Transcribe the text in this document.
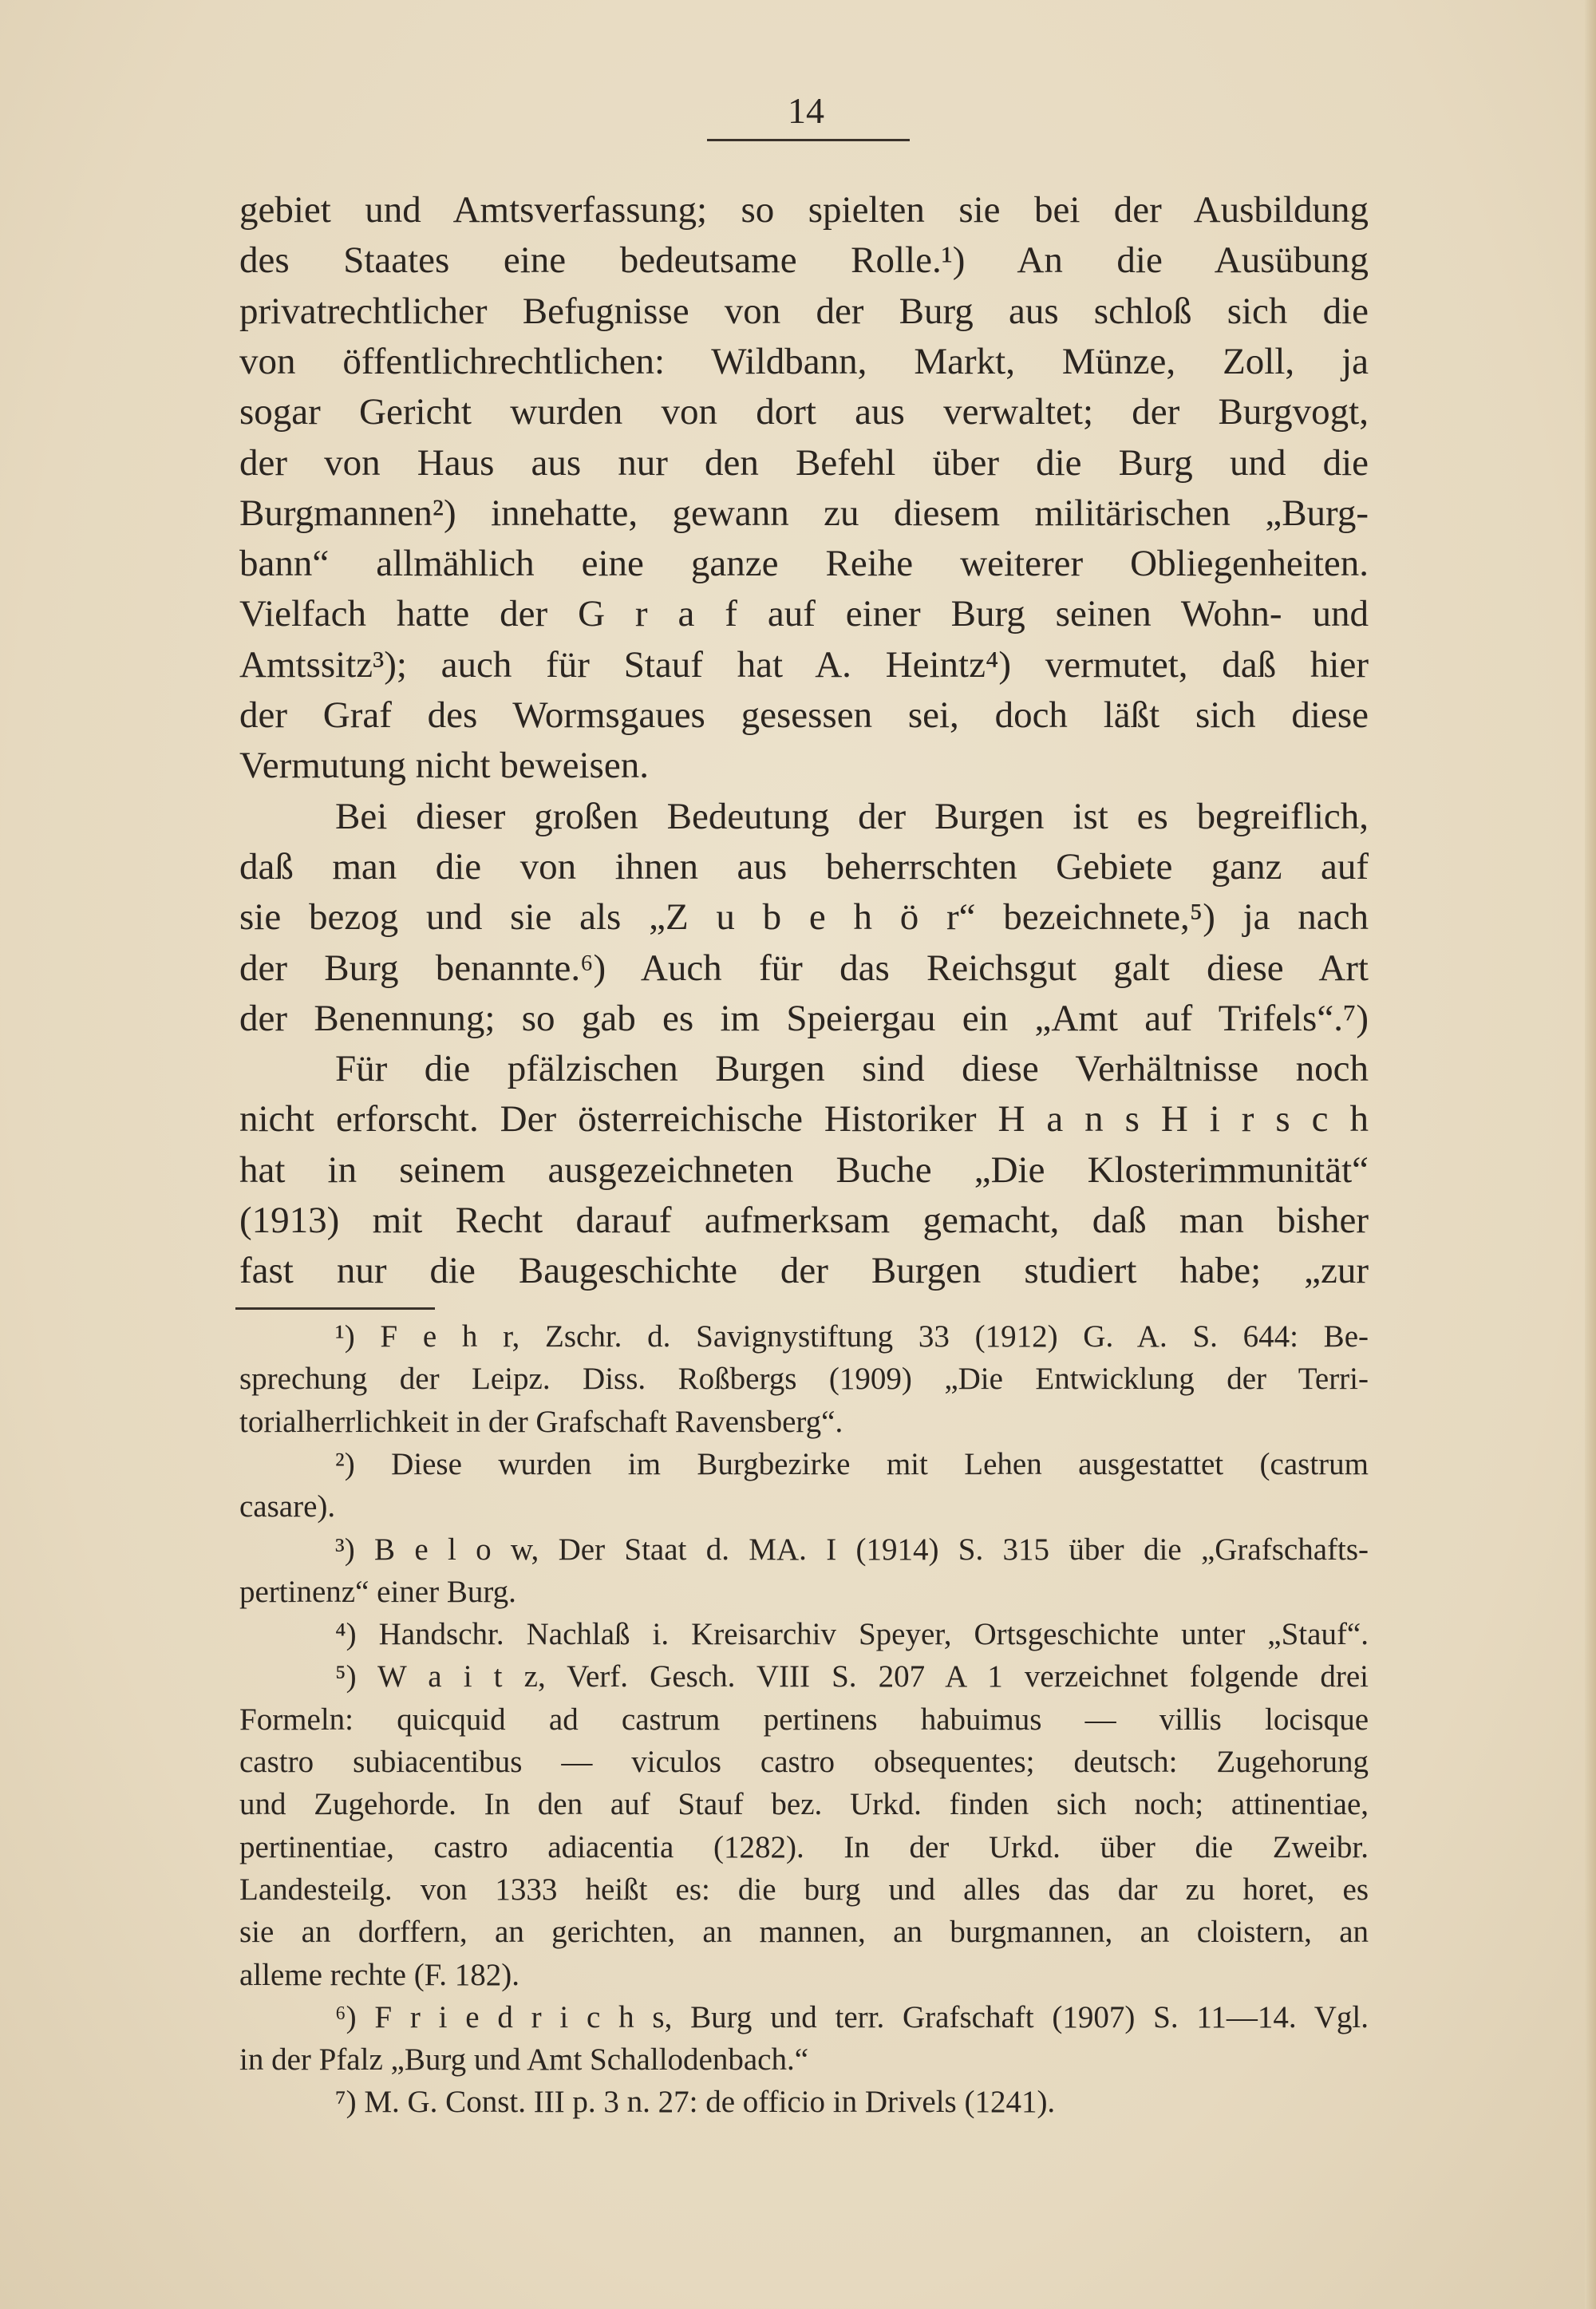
14
gebiet und Amtsverfassung; so spielten sie bei der Ausbildung
des Staates eine bedeutsame Rolle.¹) An die Ausübung
privatrechtlicher Befugnisse von der Burg aus schloß sich die
von öffentlichrechtlichen: Wildbann, Markt, Münze, Zoll, ja
sogar Gericht wurden von dort aus verwaltet; der Burgvogt,
der von Haus aus nur den Befehl über die Burg und die
Burgmannen²) innehatte, gewann zu diesem militärischen „Burg-
bann“ allmählich eine ganze Reihe weiterer Obliegenheiten.
Vielfach hatte der G r a f auf einer Burg seinen Wohn- und
Amtssitz³); auch für Stauf hat A. Heintz⁴) vermutet, daß hier
der Graf des Wormsgaues gesessen sei, doch läßt sich diese
Vermutung nicht beweisen.
Bei dieser großen Bedeutung der Burgen ist es begreiflich,
daß man die von ihnen aus beherrschten Gebiete ganz auf
sie bezog und sie als „Z u b e h ö r“ bezeichnete,⁵) ja nach
der Burg benannte.⁶) Auch für das Reichsgut galt diese Art
der Benennung; so gab es im Speiergau ein „Amt auf Trifels“.⁷)
Für die pfälzischen Burgen sind diese Verhältnisse noch
nicht erforscht. Der österreichische Historiker H a n s H i r s c h
hat in seinem ausgezeichneten Buche „Die Klosterimmunität“
(1913) mit Recht darauf aufmerksam gemacht, daß man bisher
fast nur die Baugeschichte der Burgen studiert habe; „zur
¹) F e h r, Zschr. d. Savignystiftung 33 (1912) G. A. S. 644: Be-
sprechung der Leipz. Diss. Roßbergs (1909) „Die Entwicklung der Terri-
torialherrlichkeit in der Grafschaft Ravensberg“.
²) Diese wurden im Burgbezirke mit Lehen ausgestattet (castrum
casare).
³) B e l o w, Der Staat d. MA. I (1914) S. 315 über die „Grafschafts-
pertinenz“ einer Burg.
⁴) Handschr. Nachlaß i. Kreisarchiv Speyer, Ortsgeschichte unter „Stauf“.
⁵) W a i t z, Verf. Gesch. VIII S. 207 A 1 verzeichnet folgende drei
Formeln: quicquid ad castrum pertinens habuimus — villis locisque
castro subiacentibus — viculos castro obsequentes; deutsch: Zugehorung
und Zugehorde. In den auf Stauf bez. Urkd. finden sich noch; attinentiae,
pertinentiae, castro adiacentia (1282). In der Urkd. über die Zweibr.
Landesteilg. von 1333 heißt es: die burg und alles das dar zu horet, es
sie an dorffern, an gerichten, an mannen, an burgmannen, an cloistern, an
alleme rechte (F. 182).
⁶) F r i e d r i c h s, Burg und terr. Grafschaft (1907) S. 11—14. Vgl.
in der Pfalz „Burg und Amt Schallodenbach.“
⁷) M. G. Const. III p. 3 n. 27: de officio in Drivels (1241).
